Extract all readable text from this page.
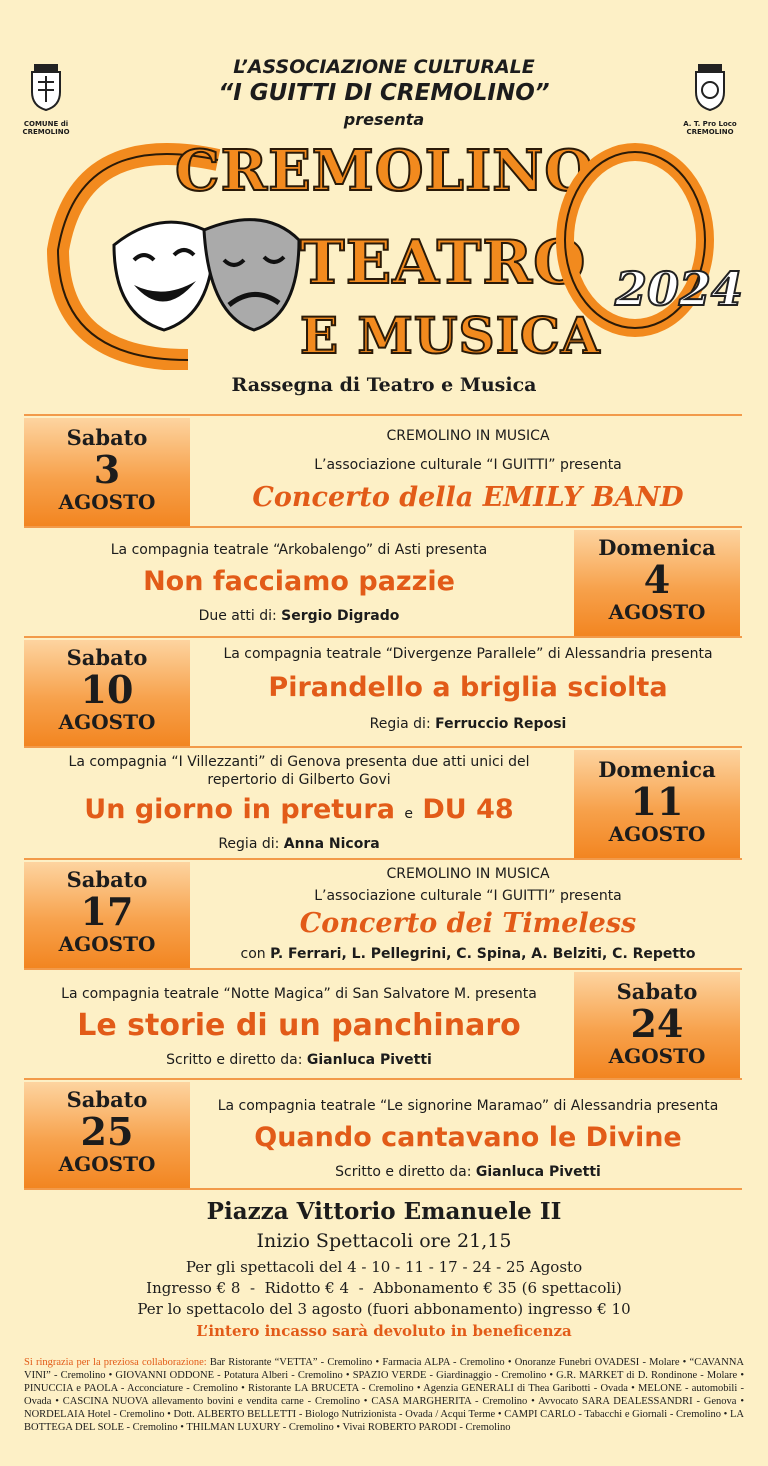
COMUNE di CREMOLINO
A. T. Pro Loco CREMOLINO
L’ASSOCIAZIONE CULTURALE
“I GUITTI DI CREMOLINO”
presenta
CREMOLINO
TEATRO 2024
E MUSICA
Rassegna di Teatro e Musica
Sabato
3
AGOSTO
CREMOLINO IN MUSICA
L’associazione culturale “I GUITTI” presenta
Concerto della EMILY BAND
Domenica
4
AGOSTO
La compagnia teatrale “Arkobalengo” di Asti presenta
Non facciamo pazzie
Due atti di: Sergio Digrado
Sabato
10
AGOSTO
La compagnia teatrale “Divergenze Parallele” di Alessandria presenta
Pirandello a briglia sciolta
Regia di: Ferruccio Reposi
Domenica
11
AGOSTO
La compagnia “I Villezzanti” di Genova presenta due atti unici del
repertorio di Gilberto Govi
Un giorno in pretura e DU 48
Regia di: Anna Nicora
Sabato
17
AGOSTO
CREMOLINO IN MUSICA
L’associazione culturale “I GUITTI” presenta
Concerto dei Timeless
con P. Ferrari, L. Pellegrini, C. Spina, A. Belziti, C. Repetto
Sabato
24
AGOSTO
La compagnia teatrale “Notte Magica” di San Salvatore M. presenta
Le storie di un panchinaro
Scritto e diretto da: Gianluca Pivetti
Sabato
25
AGOSTO
La compagnia teatrale “Le signorine Maramao” di Alessandria presenta
Quando cantavano le Divine
Scritto e diretto da: Gianluca Pivetti
Piazza Vittorio Emanuele II
Inizio Spettacoli ore 21,15
Per gli spettacoli del 4 - 10 - 11 - 17 - 24 - 25 Agosto
Ingresso € 8  -  Ridotto € 4  -  Abbonamento € 35 (6 spettacoli)
Per lo spettacolo del 3 agosto (fuori abbonamento) ingresso € 10
L’intero incasso sarà devoluto in beneficenza
Si ringrazia per la preziosa collaborazione: Bar Ristorante “VETTA” - Cremolino • Farmacia ALPA - Cremolino • Onoranze Funebri OVADESI - Molare • “CAVANNA VINI” - Cremolino • GIOVANNI ODDONE - Potatura Alberi - Cremolino • SPAZIO VERDE - Giardinaggio - Cremolino • G.R. MARKET di D. Rondinone - Molare • PINUCCIA e PAOLA - Acconciature - Cremolino • Ristorante LA BRUCETA - Cremolino • Agenzia GENERALI di Thea Garibotti - Ovada • MELONE - automobili - Ovada • CASCINA NUOVA allevamento bovini e vendita carne - Cremolino • CASA MARGHERITA - Cremolino • Avvocato SARA DEALESSANDRI - Genova • NORDELAIA Hotel - Cremolino • Dott. ALBERTO BELLETTI - Biologo Nutrizionista - Ovada / Acqui Terme • CAMPI CARLO - Tabacchi e Giornali - Cremolino • LA BOTTEGA DEL SOLE - Cremolino • THILMAN LUXURY - Cremolino • Vivai ROBERTO PARODI - Cremolino
